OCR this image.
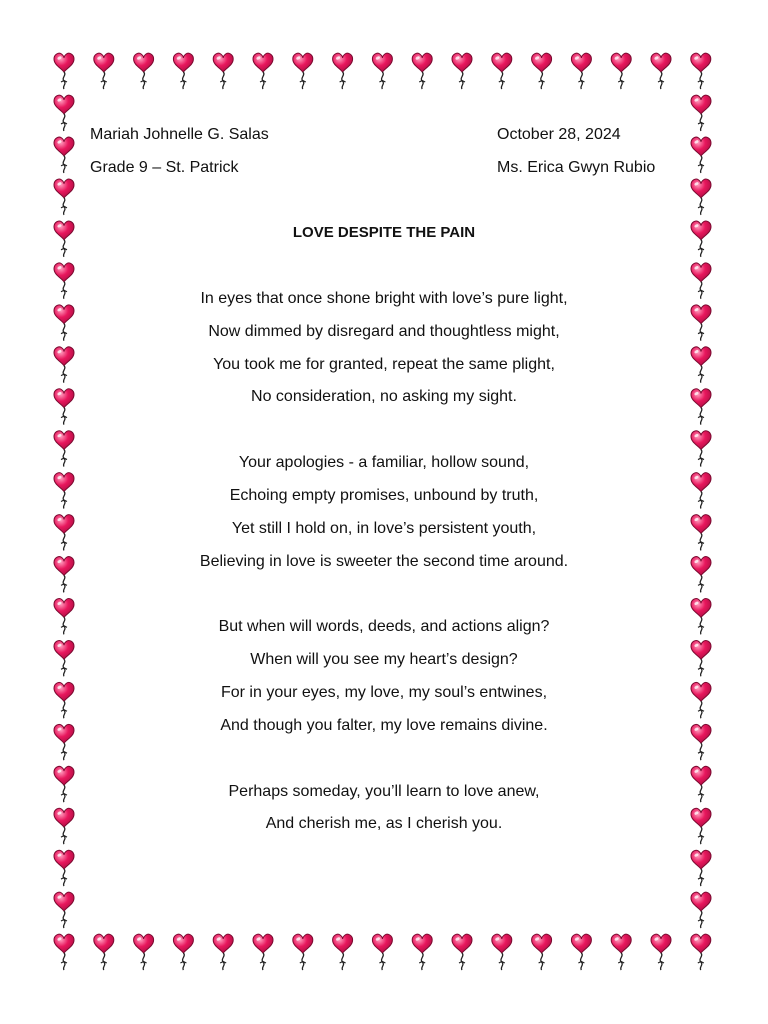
Mariah Johnelle G. Salas
Grade 9 – St. Patrick
October 28, 2024
Ms. Erica Gwyn Rubio
LOVE DESPITE THE PAIN
In eyes that once shone bright with love’s pure light,
Now dimmed by disregard and thoughtless might,
You took me for granted, repeat the same plight,
No consideration, no asking my sight.
Your apologies - a familiar, hollow sound,
Echoing empty promises, unbound by truth,
Yet still I hold on, in love’s persistent youth,
Believing in love is sweeter the second time around.
But when will words, deeds, and actions align?
When will you see my heart’s design?
For in your eyes, my love, my soul’s entwines,
And though you falter, my love remains divine.
Perhaps someday, you’ll learn to love anew,
And cherish me, as I cherish you.
